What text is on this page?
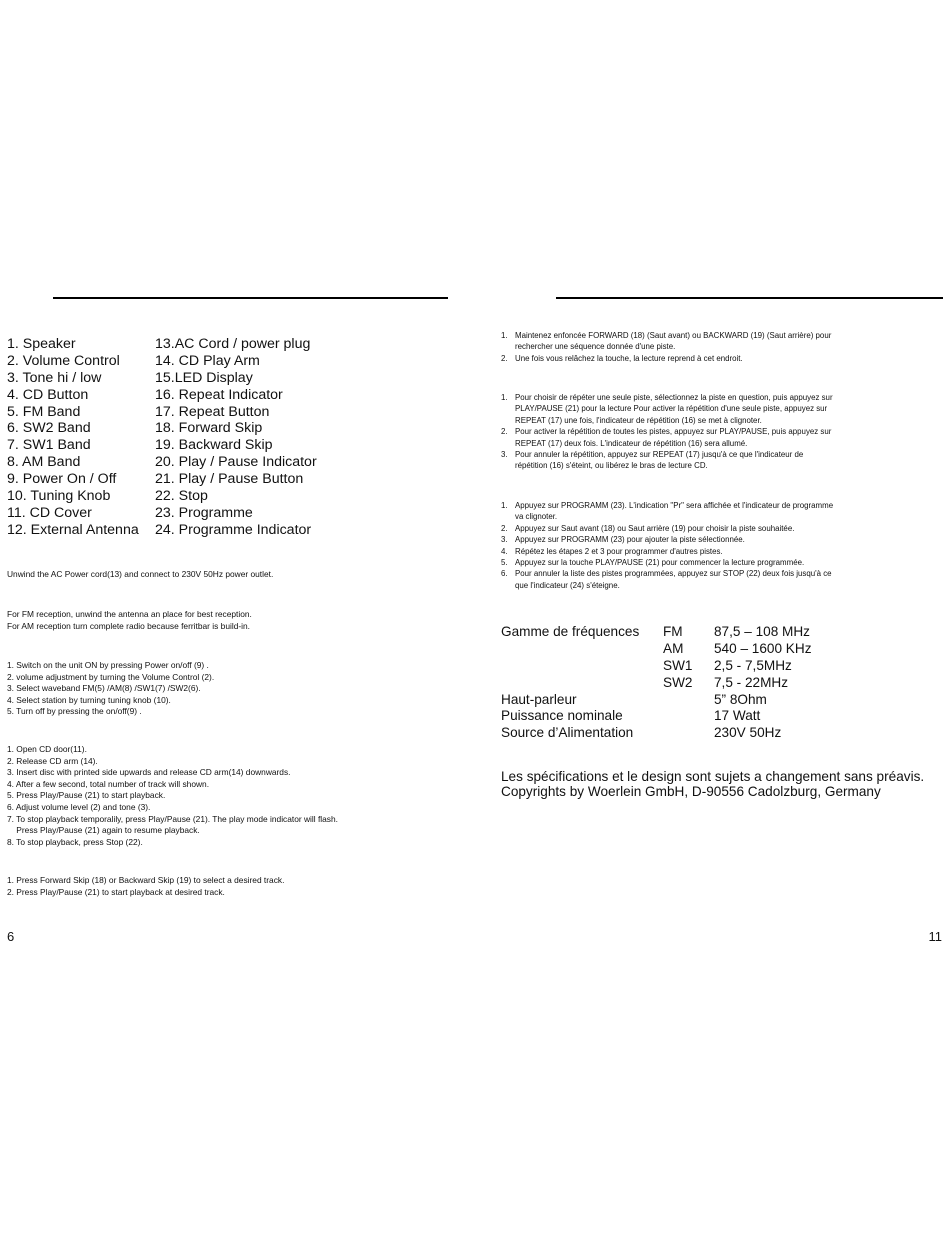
1. Speaker
2. Volume Control
3. Tone hi / low
4. CD Button
5. FM Band
6. SW2 Band
7. SW1 Band
8. AM Band
9. Power On / Off
10. Tuning Knob
11. CD Cover
12. External Antenna
13.AC Cord / power plug
14. CD Play Arm
15.LED Display
16. Repeat Indicator
17. Repeat Button
18. Forward Skip
19. Backward Skip
20. Play / Pause Indicator
21. Play / Pause Button
22. Stop
23. Programme
24. Programme Indicator
Unwind the AC Power cord(13) and connect to 230V 50Hz power outlet.
For FM reception, unwind the antenna an place for best reception.
For AM reception turn complete radio because ferritbar is build-in.
1. Switch on the unit ON by pressing Power on/off (9) .
2. volume adjustment by turning the Volume Control (2).
3. Select waveband FM(5) /AM(8) /SW1(7) /SW2(6).
4. Select station by turning tuning knob (10).
5. Turn off by pressing the on/off(9) .
1. Open CD door(11).
2. Release CD arm (14).
3. Insert disc with printed side upwards and release CD arm(14) downwards.
4. After a few second, total number of track will shown.
5. Press Play/Pause (21) to start playback.
6. Adjust volume level (2) and tone (3).
7. To stop playback temporalily, press Play/Pause (21). The play mode indicator will flash.
Press Play/Pause (21) again to resume playback.
8. To stop playback, press Stop (22).
1. Press Forward Skip (18) or Backward Skip (19) to select a desired track.
2. Press Play/Pause (21) to start playback at desired track.
6
1. Maintenez enfoncée FORWARD (18) (Saut avant) ou BACKWARD (19) (Saut arrière) pour
rechercher une séquence donnée d'une piste.
2. Une fois vous relâchez la touche, la lecture reprend à cet endroit.
1. Pour choisir de répéter une seule piste, sélectionnez la piste en question, puis appuyez sur
PLAY/PAUSE (21) pour la lecture Pour activer la répétition d'une seule piste, appuyez sur
REPEAT (17) une fois, l'indicateur de répétition (16) se met à clignoter.
2. Pour activer la répétition de toutes les pistes, appuyez sur PLAY/PAUSE, puis appuyez sur
REPEAT (17) deux fois. L'indicateur de répétition (16) sera allumé.
3. Pour annuler la répétition, appuyez sur REPEAT (17) jusqu'à ce que l'indicateur de
répétition (16) s'éteint, ou libérez le bras de lecture CD.
1. Appuyez sur PROGRAMM (23). L'indication "Pr" sera affichée et l'indicateur de programme
va clignoter.
2. Appuyez sur Saut avant (18) ou Saut arrière (19) pour choisir la piste souhaitée.
3. Appuyez sur PROGRAMM (23) pour ajouter la piste sélectionnée.
4. Répétez les étapes 2 et 3 pour programmer d'autres pistes.
5. Appuyez sur la touche PLAY/PAUSE (21) pour commencer la lecture programmée.
6. Pour annuler la liste des pistes programmées, appuyez sur STOP (22) deux fois jusqu'à ce
que l'indicateur (24) s'éteigne.
Gamme de fréquences FM 87,5 – 108 MHz
AM 540 – 1600 KHz
SW1 2,5 - 7,5MHz
SW2 7,5 - 22MHz
Haut-parleur	5” 8Ohm
Puissance nominale	17 Watt
Source d’Alimentation	230V 50Hz
Les spécifications et le design sont sujets a changement sans préavis.
Copyrights by Woerlein GmbH, D-90556 Cadolzburg, Germany
11
